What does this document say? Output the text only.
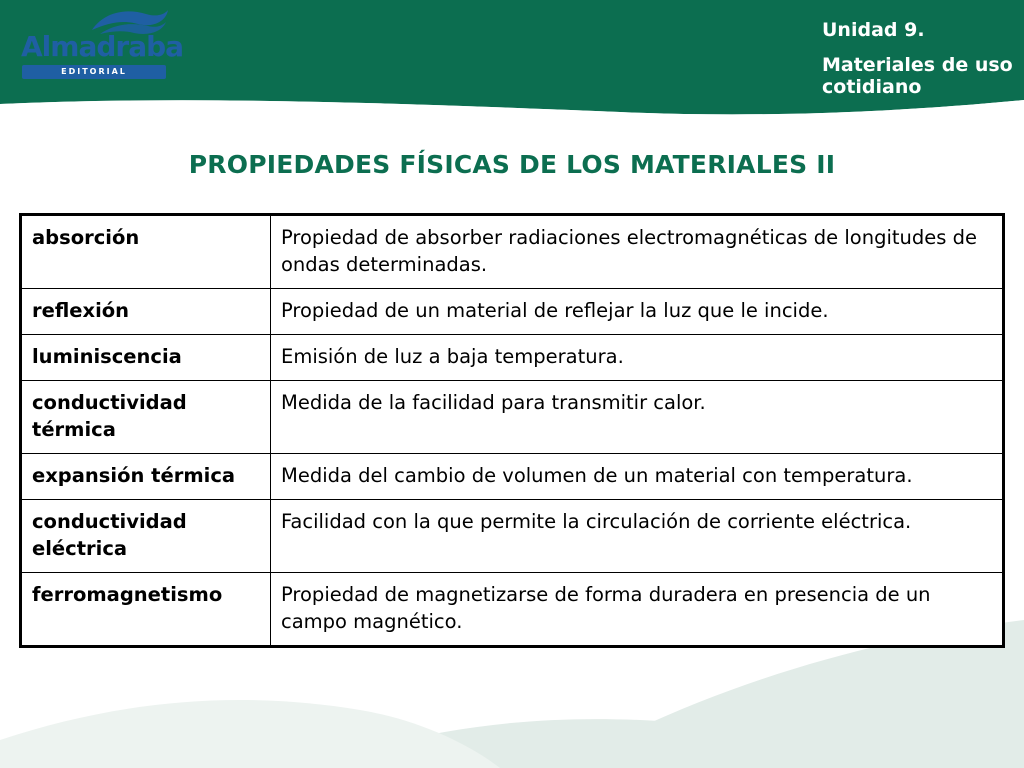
Almadraba
EDITORIAL
Unidad 9.
Materiales de uso cotidiano
PROPIEDADES FÍSICAS DE LOS MATERIALES II
absorción	Propiedad de absorber radiaciones electromagnéticas de longitudes de ondas determinadas.
reflexión	Propiedad de un material de reflejar la luz que le incide.
luminiscencia	Emisión de luz a baja temperatura.
conductividad térmica	Medida de la facilidad para transmitir calor.
expansión térmica	Medida del cambio de volumen de un material con temperatura.
conductividad eléctrica	Facilidad con la que permite la circulación de corriente eléctrica.
ferromagnetismo	Propiedad de magnetizarse de forma duradera en presencia de un campo magnético.
